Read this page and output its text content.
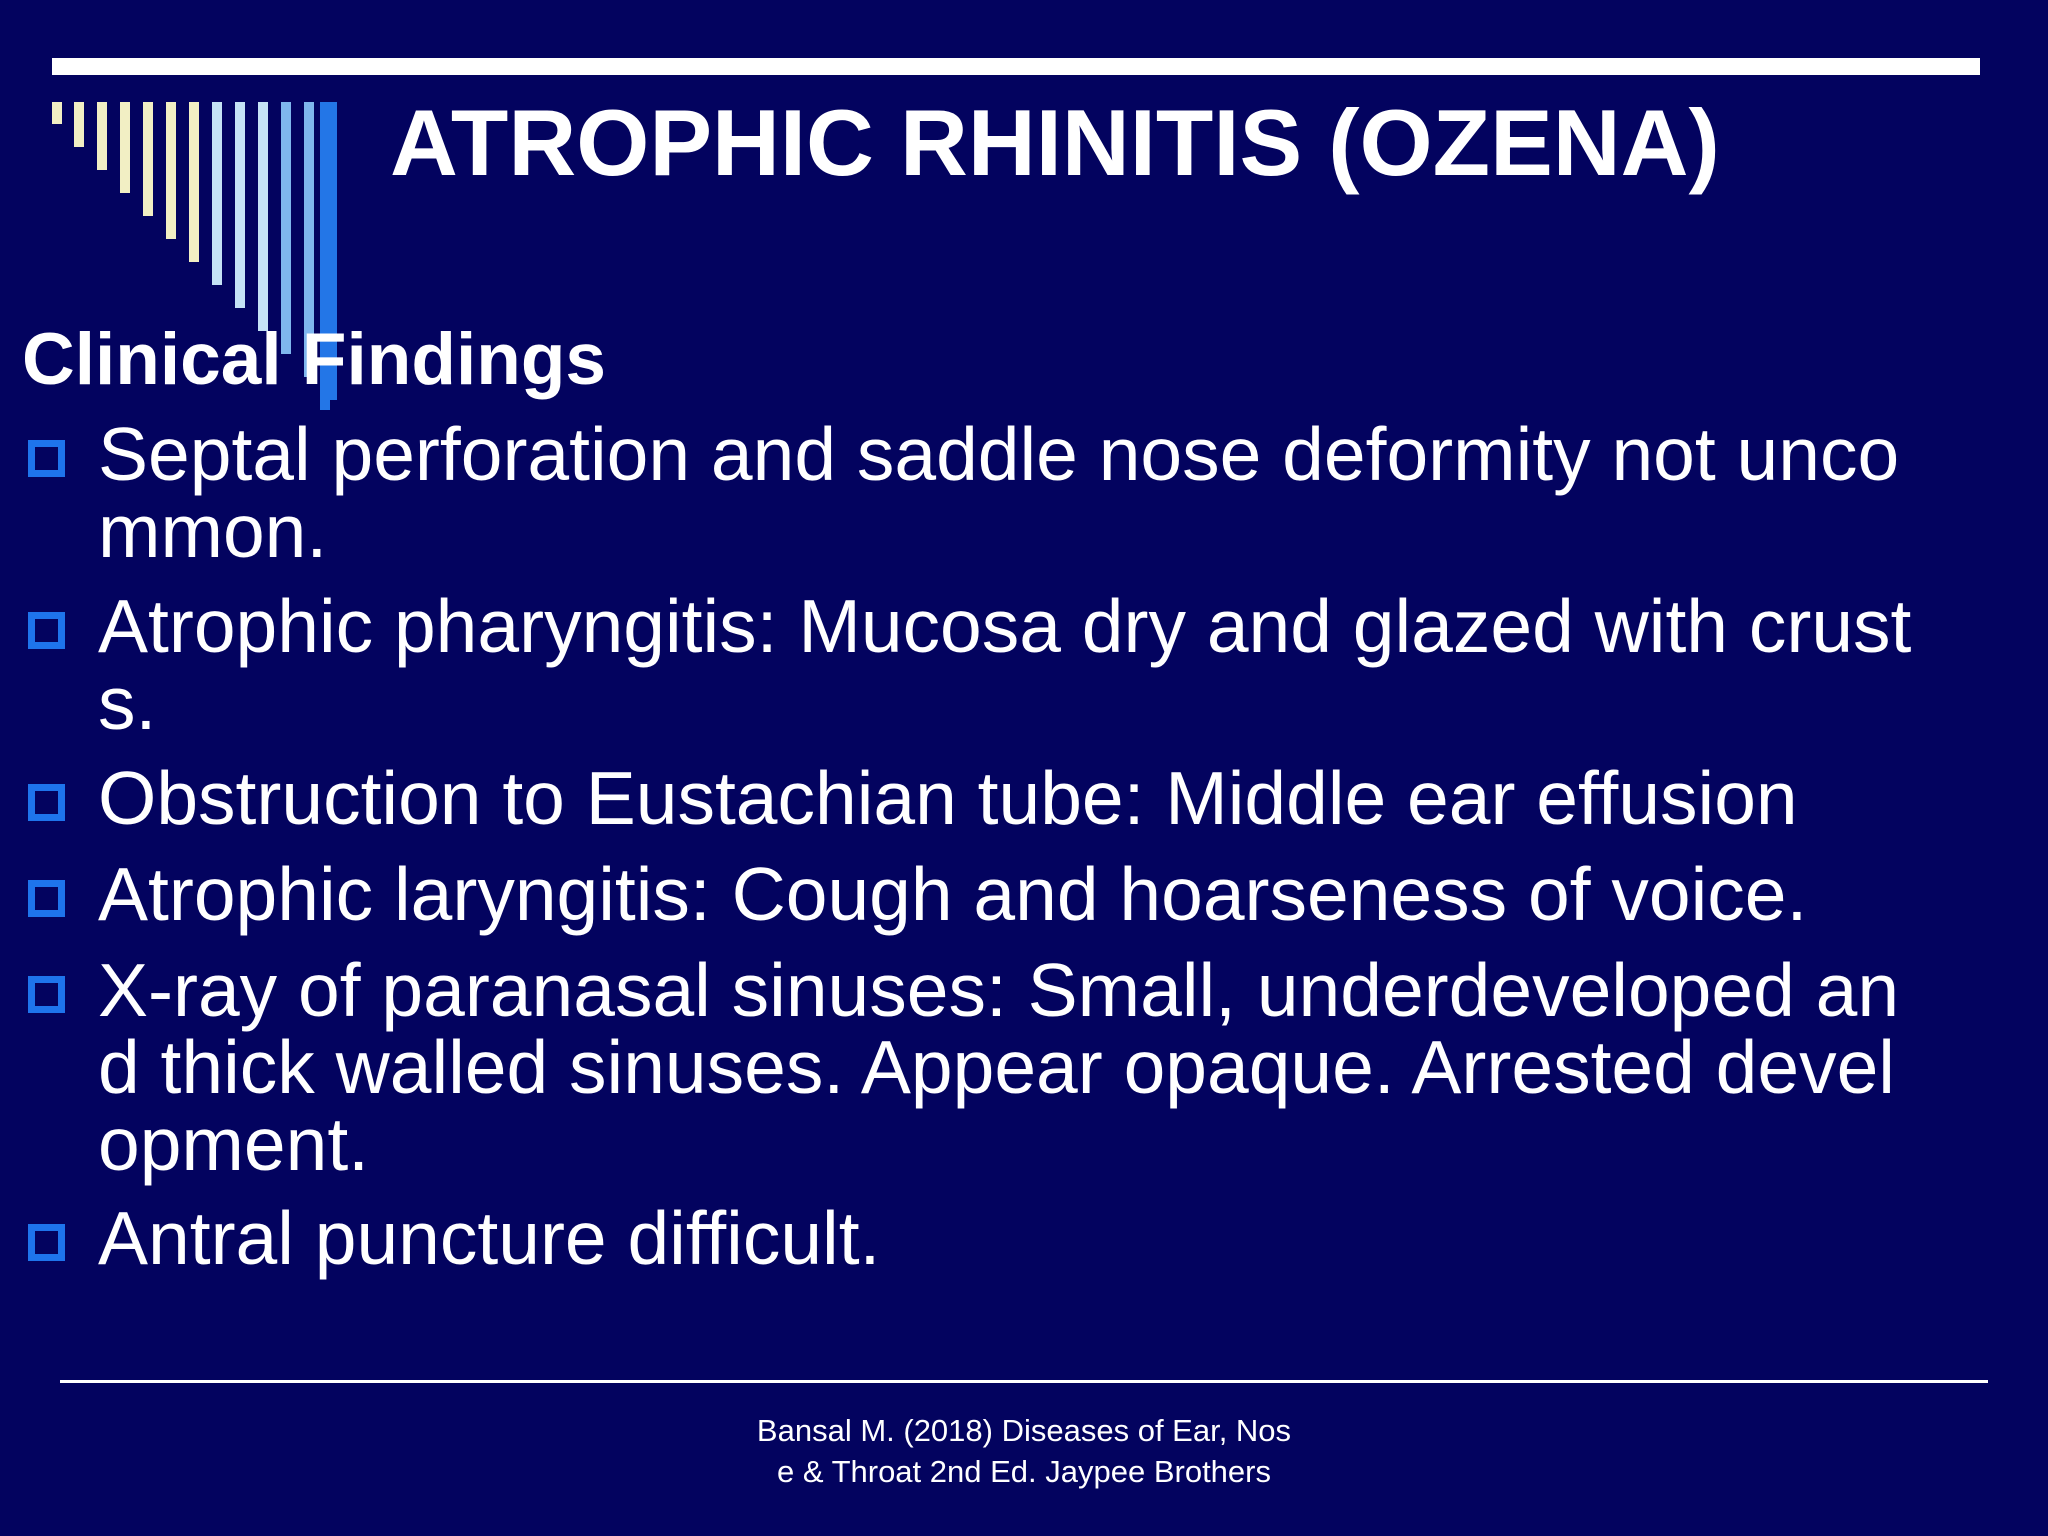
ATROPHIC RHINITIS (OZENA)
Clinical Findings
Septal perforation and saddle nose deformity not unco
mmon.
Atrophic pharyngitis: Mucosa dry and glazed with crust
s.
Obstruction to Eustachian tube: Middle ear effusion
Atrophic laryngitis: Cough and hoarseness of voice.
X-ray of paranasal sinuses: Small, underdeveloped an
d thick walled sinuses. Appear opaque. Arrested devel
opment.
Antral puncture difficult.

Bansal M. (2018) Diseases of Ear, Nos
e & Throat 2nd Ed. Jaypee Brothers
